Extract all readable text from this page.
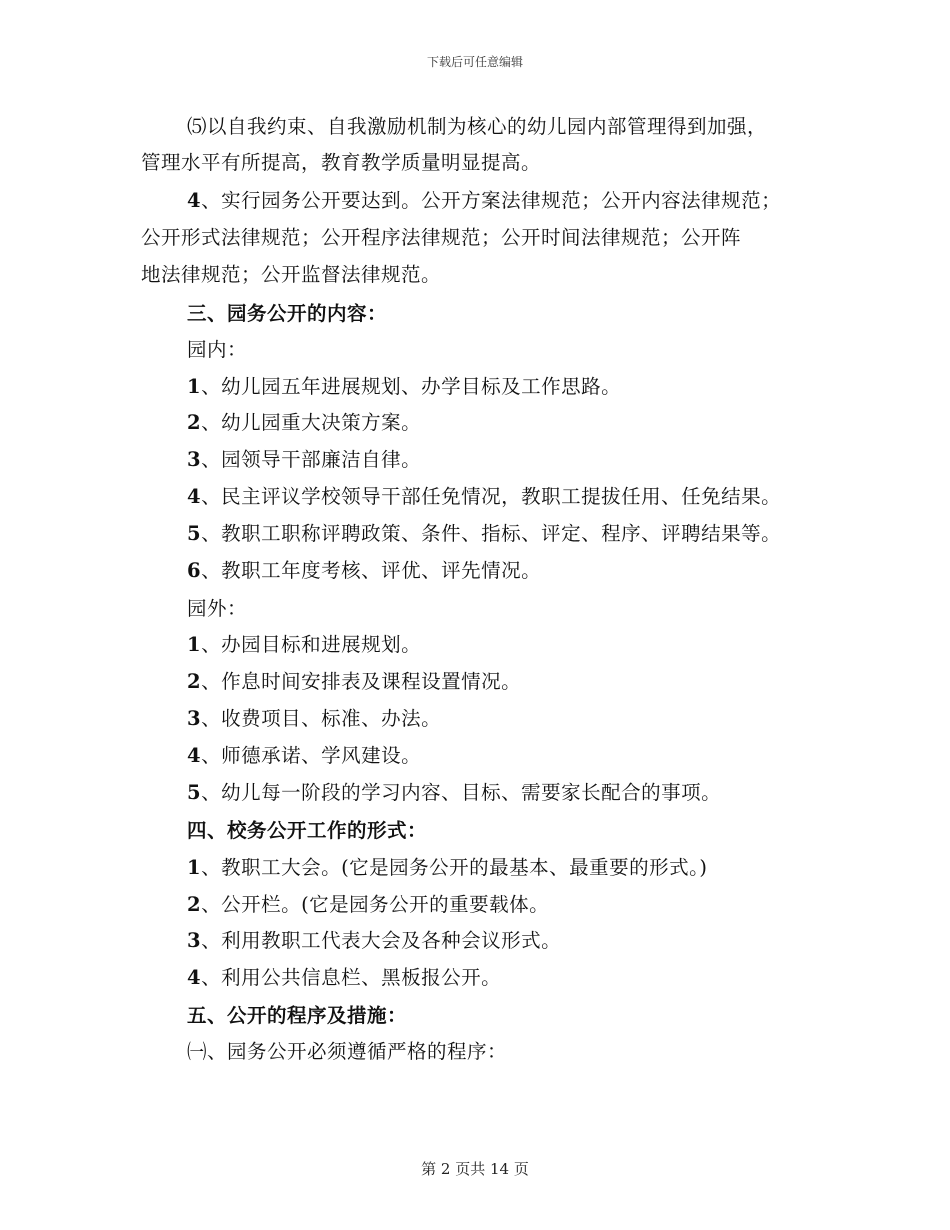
下载后可任意编辑
⑸以自我约束、自我激励机制为核心的幼儿园内部管理得到加强，
管理水平有所提高，教育教学质量明显提高。
4、实行园务公开要达到。公开方案法律规范；公开内容法律规范；
公开形式法律规范；公开程序法律规范；公开时间法律规范；公开阵
地法律规范；公开监督法律规范。
三、园务公开的内容：
园内：
1、幼儿园五年进展规划、办学目标及工作思路。
2、幼儿园重大决策方案。
3、园领导干部廉洁自律。
4、民主评议学校领导干部任免情况，教职工提拔任用、任免结果。
5、教职工职称评聘政策、条件、指标、评定、程序、评聘结果等。
6、教职工年度考核、评优、评先情况。
园外：
1、办园目标和进展规划。
2、作息时间安排表及课程设置情况。
3、收费项目、标准、办法。
4、师德承诺、学风建设。
5、幼儿每一阶段的学习内容、目标、需要家长配合的事项。
四、校务公开工作的形式：
1、教职工大会。(它是园务公开的最基本、最重要的形式。)
2、公开栏。(它是园务公开的重要载体。
3、利用教职工代表大会及各种会议形式。
4、利用公共信息栏、黑板报公开。
五、公开的程序及措施：
㈠、园务公开必须遵循严格的程序：
第 2 页共 14 页
